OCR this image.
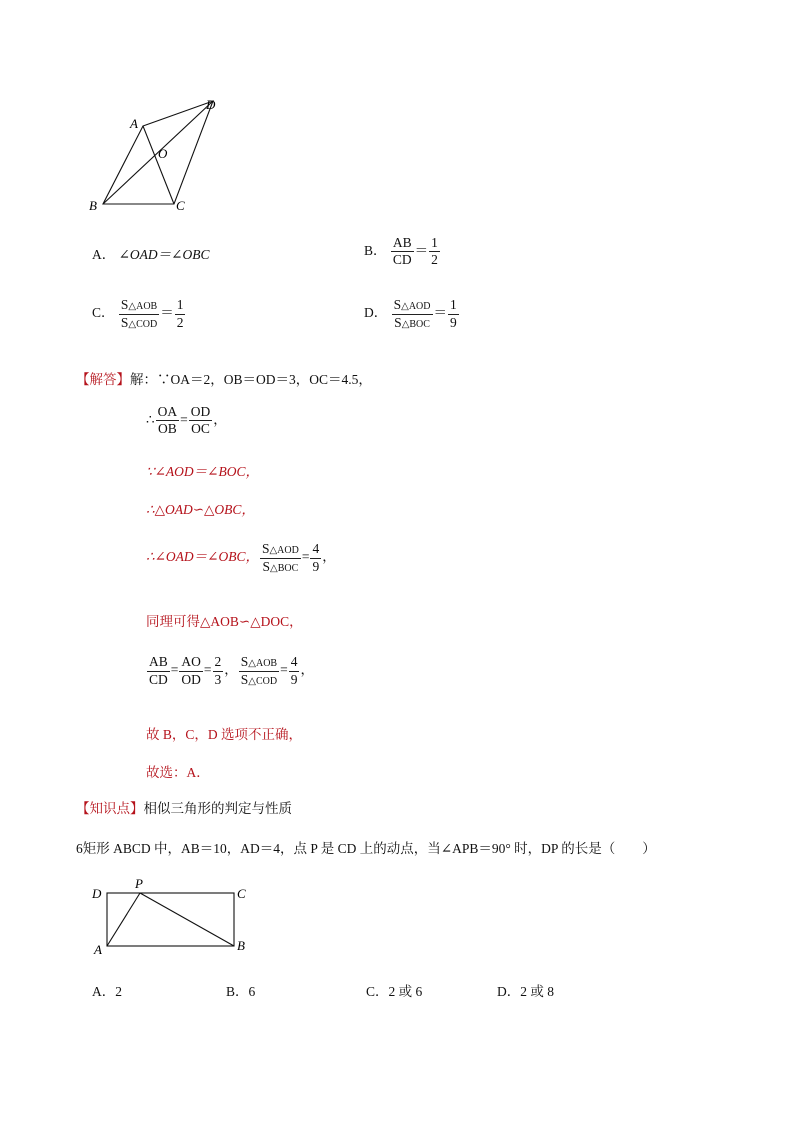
A
D
O
B	C
A． ∠OAD＝∠OBC	B． $\frac{AB}{CD} = \frac{1}{2}$
C． $\frac{\text{S△AOB}}{\text{S△COD}} = \frac{1}{2}$	D． $\frac{\text{S△AOD}}{\text{S△BOC}} = \frac{1}{9}$
【解答】解：∵OA＝2，OB＝OD＝3，OC＝4.5，
∴ $\frac{OA}{OB} = \frac{OD}{OC}$ ，
∵∠AOD＝∠BOC，
∴△OAD∽△OBC，
∴∠OAD＝∠OBC， $\frac{\text{S△AOD}}{\text{S△BOC}} = \frac{4}{9}$ ，
同理可得△AOB∽△DOC，
$\frac{AB}{CD} = \frac{AO}{OD} = \frac{2}{3}$ ， $\frac{\text{S△AOB}}{\text{S△COD}} = \frac{4}{9}$ ，
故 B，C，D 选项不正确，
故选：A．
【知识点】相似三角形的判定与性质
6矩形 ABCD 中，AB＝10，AD＝4，点 P 是 CD 上的动点，当∠APB＝90° 时，DP 的长是（　　）
D
P
C
A	B
A．2	B．6	C．2 或 6	D．2 或 8
